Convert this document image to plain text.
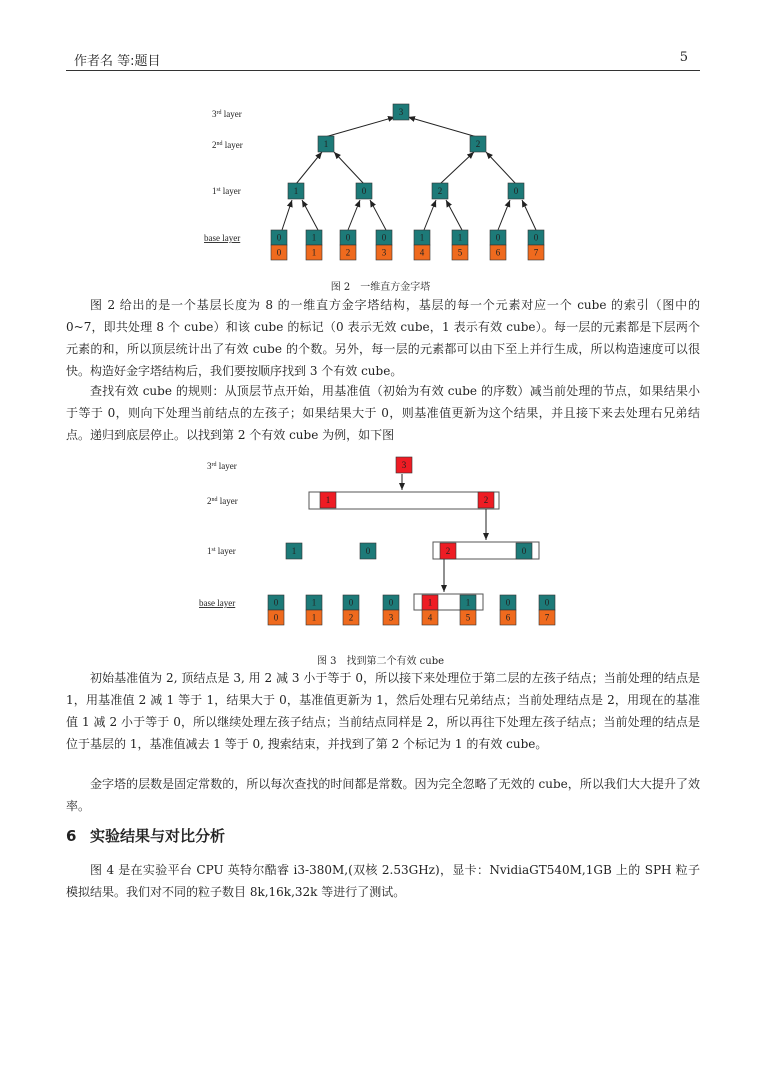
作者名 等:题目	5
3rd layer
2nd layer
1st layer
base layer
3
1	2
1	0	2	0
0	1	0	0	1	1	0	0
0	1	2	3	4	5	6	7
图 2　一维直方金字塔
图 2 给出的是一个基层长度为 8 的一维直方金字塔结构，基层的每一个元素对应一个 cube 的索引（图中的 0~7，即共处理 8 个 cube）和该 cube 的标记（0 表示无效 cube，1 表示有效 cube）。每一层的元素都是下层两个元素的和，所以顶层统计出了有效 cube 的个数。另外，每一层的元素都可以由下至上并行生成，所以构造速度可以很快。构造好金字塔结构后，我们要按顺序找到 3 个有效 cube。
查找有效 cube 的规则：从顶层节点开始，用基准值（初始为有效 cube 的序数）减当前处理的节点，如果结果小于等于 0，则向下处理当前结点的左孩子；如果结果大于 0，则基准值更新为这个结果，并且接下来去处理右兄弟结点。递归到底层停止。以找到第 2 个有效 cube 为例，如下图
3rd layer
2nd layer
1st layer
base layer
3
1	2
1	0	2	0
0	1	0	0	1	1	0	0
0	1	2	3	4	5	6	7
图 3　找到第二个有效 cube
初始基准值为 2, 顶结点是 3, 用 2 减 3 小于等于 0，所以接下来处理位于第二层的左孩子结点；当前处理的结点是 1，用基准值 2 减 1 等于 1，结果大于 0，基准值更新为 1，然后处理右兄弟结点；当前处理结点是 2，用现在的基准值 1 减 2 小于等于 0，所以继续处理左孩子结点；当前结点同样是 2，所以再往下处理左孩子结点；当前处理的结点是位于基层的 1，基准值减去 1 等于 0, 搜索结束，并找到了第 2 个标记为 1 的有效 cube。
金字塔的层数是固定常数的，所以每次查找的时间都是常数。因为完全忽略了无效的 cube，所以我们大大提升了效率。
6 实验结果与对比分析
图 4 是在实验平台 CPU 英特尔酷睿 i3-380M,(双核 2.53GHz)，显卡：NvidiaGT540M,1GB 上的 SPH 粒子模拟结果。我们对不同的粒子数目 8k,16k,32k 等进行了测试。
